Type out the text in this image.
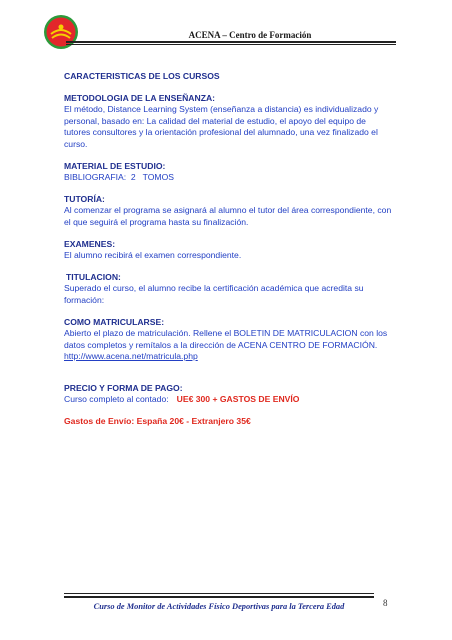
ACENA – Centro de Formación

CARACTERISTICAS DE LOS CURSOS

METODOLOGIA DE LA ENSEÑANZA:

El método, Distance Learning System (enseñanza a distancia) es individualizado y personal, basado en: La calidad del material de estudio, el apoyo del equipo de tutores consultores y la orientación profesional del alumnado, una vez finalizado el curso.

MATERIAL DE ESTUDIO:

BIBLIOGRAFIA:  2   TOMOS

TUTORÍA:

Al comenzar el programa se asignará al alumno el tutor del área correspondiente, con el que seguirá el programa hasta su finalización.

EXAMENES:

El alumno recibirá el examen correspondiente.

TITULACION:

Superado el curso, el alumno recibe la certificación académica que acredita su formación:

COMO MATRICULARSE:

Abierto el plazo de matriculación. Rellene el BOLETIN DE MATRICULACION con los datos completos y remítalos a la dirección de ACENA CENTRO DE FORMACIÓN. http://www.acena.net/matricula.php

PRECIO Y FORMA DE PAGO:

Curso completo al contado: UE€ 300 + GASTOS DE ENVÍO

Gastos de Envío: España 20€ - Extranjero 35€

Curso de Monitor de Actividades Físico Deportivas para la Tercera Edad	8
